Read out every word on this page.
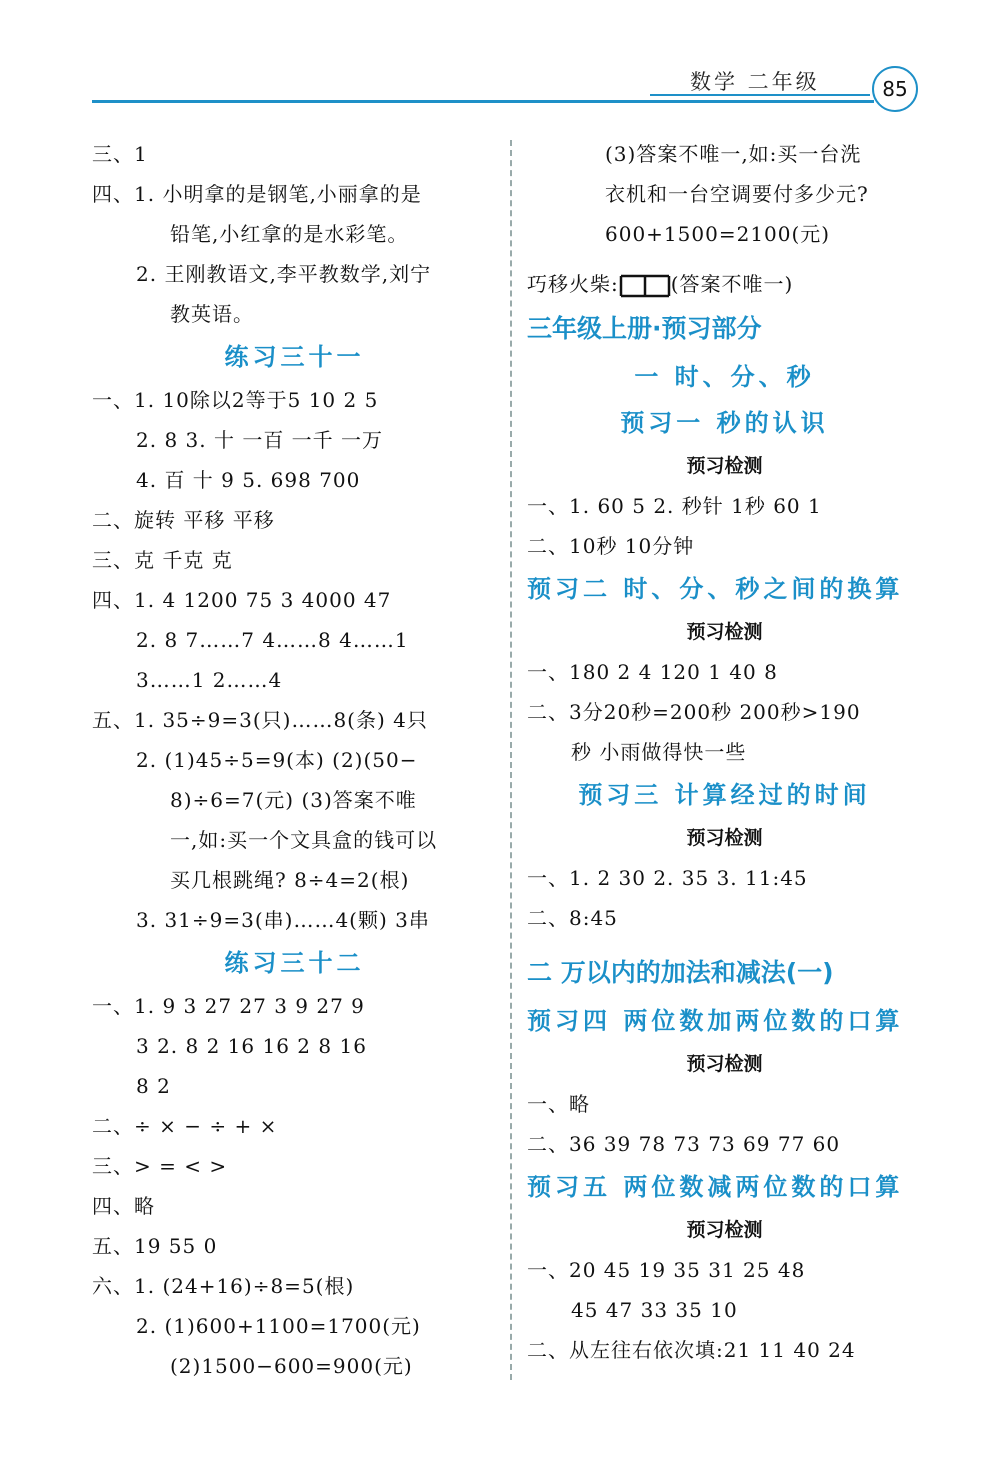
数学 二年级	85
三、1
四、1. 小明拿的是钢笔,小丽拿的是
铅笔,小红拿的是水彩笔。
2. 王刚教语文,李平教数学,刘宁
教英语。
练习三十一
一、1. 10除以2等于5 10 2 5
2. 8 3. 十 一百 一千 一万
4. 百 十 9 5. 698 700
二、旋转 平移 平移
三、克 千克 克
四、1. 4 1200 75 3 4000 47
2. 8 7……7 4……8 4……1
3……1 2……4
五、1. 35÷9=3(只)……8(条) 4只
2. (1)45÷5=9(本) (2)(50−
8)÷6=7(元) (3)答案不唯
一,如:买一个文具盒的钱可以
买几根跳绳? 8÷4=2(根)
3. 31÷9=3(串)……4(颗) 3串
练习三十二
一、1. 9 3 27 27 3 9 27 9
3 2. 8 2 16 16 2 8 16
8 2
二、÷ × − ÷ + ×
三、> = < >
四、略
五、19 55 0
六、1. (24+16)÷8=5(根)
2. (1)600+1100=1700(元)
(2)1500−600=900(元)
(3)答案不唯一,如:买一台洗
衣机和一台空调要付多少元?
600+1500=2100(元)
巧移火柴:	(答案不唯一)
三年级上册·预习部分
一 时、分、秒
预习一 秒的认识
预习检测
一、1. 60 5 2. 秒针 1秒 60 1
二、10秒 10分钟
预习二 时、分、秒之间的换算
预习检测
一、180 2 4 120 1 40 8
二、3分20秒=200秒 200秒>190
秒 小雨做得快一些
预习三 计算经过的时间
预习检测
一、1. 2 30 2. 35 3. 11:45
二、8:45
二 万以内的加法和减法(一)
预习四 两位数加两位数的口算
预习检测
一、略
二、36 39 78 73 73 69 77 60
预习五 两位数减两位数的口算
预习检测
一、20 45 19 35 31 25 48
45 47 33 35 10
二、从左往右依次填:21 11 40 24
